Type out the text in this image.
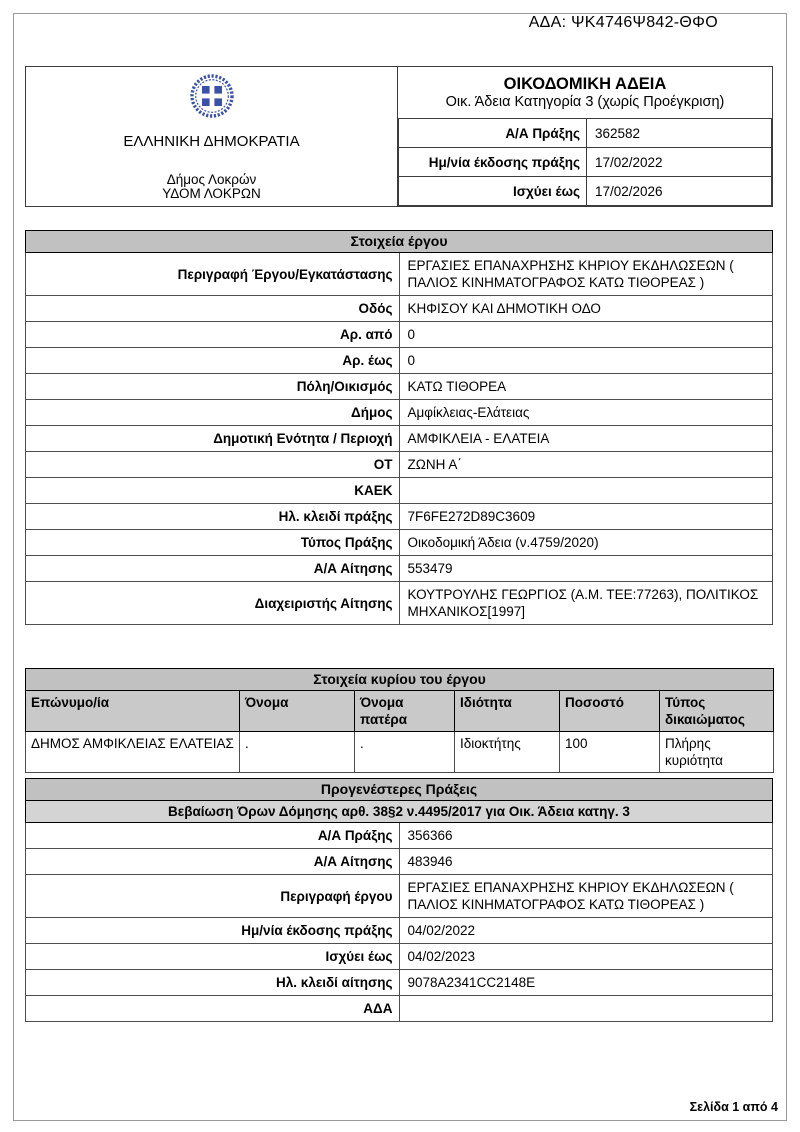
ΑΔΑ: ΨΚ4746Ψ842-ΘΦΟ
ΕΛΛΗΝΙΚΗ ΔΗΜΟΚΡΑΤΙΑ
Δήμος Λοκρών
ΥΔΟΜ ΛΟΚΡΩΝ
ΟΙΚΟΔΟΜΙΚΗ ΑΔΕΙΑ
Οικ. Άδεια Κατηγορία 3 (χωρίς Προέγκριση)
Α/Α Πράξης	362582
Ημ/νία έκδοσης πράξης	17/02/2022
Ισχύει έως	17/02/2026
Στοιχεία έργου	
Περιγραφή Έργου/Εγκατάστασης	ΕΡΓΑΣΙΕΣ ΕΠΑΝΑΧΡΗΣΗΣ ΚΗΡΙΟΥ ΕΚΔΗΛΩΣΕΩΝ ( ΠΑΛΙΟΣ ΚΙΝΗΜΑΤΟΓΡΑΦΟΣ ΚΑΤΩ ΤΙΘΟΡΕΑΣ )
Οδός	ΚΗΦΙΣΟΥ ΚΑΙ ΔΗΜΟΤΙΚΗ ΟΔΟ
Αρ. από	0
Αρ. έως	0
Πόλη/Οικισμός	ΚΑΤΩ ΤΙΘΟΡΕΑ
Δήμος	Αμφίκλειας-Ελάτειας
Δημοτική Ενότητα / Περιοχή	ΑΜΦΙΚΛΕΙΑ - ΕΛΑΤΕΙΑ
ΟΤ	ΖΩΝΗ Α΄
ΚΑΕΚ	
Ηλ. κλειδί πράξης	7F6FE272D89C3609
Τύπος Πράξης	Οικοδομική Άδεια (ν.4759/2020)
Α/Α Αίτησης	553479
Διαχειριστής Αίτησης	ΚΟΥΤΡΟΥΛΗΣ ΓΕΩΡΓΙΟΣ (Α.Μ. ΤΕΕ:77263), ΠΟΛΙΤΙΚΟΣ ΜΗΧΑΝΙΚΟΣ[1997]
Στοιχεία κυρίου του έργου					
Επώνυμο/ία	Όνομα	Όνομα πατέρα	Ιδιότητα	Ποσοστό	Τύπος δικαιώματος
ΔΗΜΟΣ ΑΜΦΙΚΛΕΙΑΣ ΕΛΑΤΕΙΑΣ	.	.	Ιδιοκτήτης	100	Πλήρης κυριότητα
Προγενέστερες Πράξεις	
Βεβαίωση Όρων Δόμησης αρθ. 38§2 ν.4495/2017 για Οικ. Άδεια κατηγ. 3	
Α/Α Πράξης	356366
Α/Α Αίτησης	483946
Περιγραφή έργου	ΕΡΓΑΣΙΕΣ ΕΠΑΝΑΧΡΗΣΗΣ ΚΗΡΙΟΥ ΕΚΔΗΛΩΣΕΩΝ ( ΠΑΛΙΟΣ ΚΙΝΗΜΑΤΟΓΡΑΦΟΣ ΚΑΤΩ ΤΙΘΟΡΕΑΣ )
Ημ/νία έκδοσης πράξης	04/02/2022
Ισχύει έως	04/02/2023
Ηλ. κλειδί αίτησης	9078A2341CC2148E
ΑΔΑ	
Σελίδα 1 από 4
